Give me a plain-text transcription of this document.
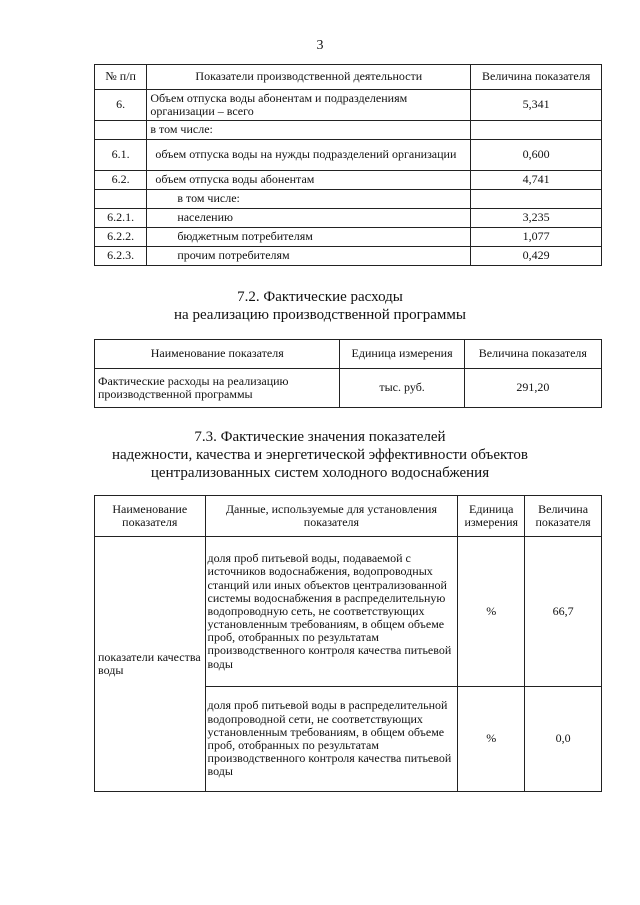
3
№ п/п	Показатели производственной деятельности	Величина показателя
6.	Объем отпуска воды абонентам и подразделениям организации – всего	5,341
	в том числе:	
6.1.	объем отпуска воды на нужды подразделений организации	0,600
6.2.	объем отпуска воды абонентам	4,741
	в том числе:	
6.2.1.	населению	3,235
6.2.2.	бюджетным потребителям	1,077
6.2.3.	прочим потребителям	0,429
7.2. Фактические расходы
на реализацию производственной программы
Наименование показателя	Единица измерения	Величина показателя
Фактические расходы на реализацию производственной программы	тыс. руб.	291,20
7.3. Фактические значения показателей
надежности, качества и энергетической эффективности объектов
централизованных систем холодного водоснабжения
Наименование показателя	Данные, используемые для установления показателя	Единица измерения	Величина показателя
показатели качества воды	доля проб питьевой воды, подаваемой с источников водоснабжения, водопроводных станций или иных объектов централизованной системы водоснабжения в распределительную водопроводную сеть, не соответствующих установленным требованиям, в общем объеме проб, отобранных по результатам производственного контроля качества питьевой воды	%	66,7
	доля проб питьевой воды в распределительной водопроводной сети, не соответствующих установленным требованиям, в общем объеме проб, отобранных по результатам производственного контроля качества питьевой воды	%	0,0
